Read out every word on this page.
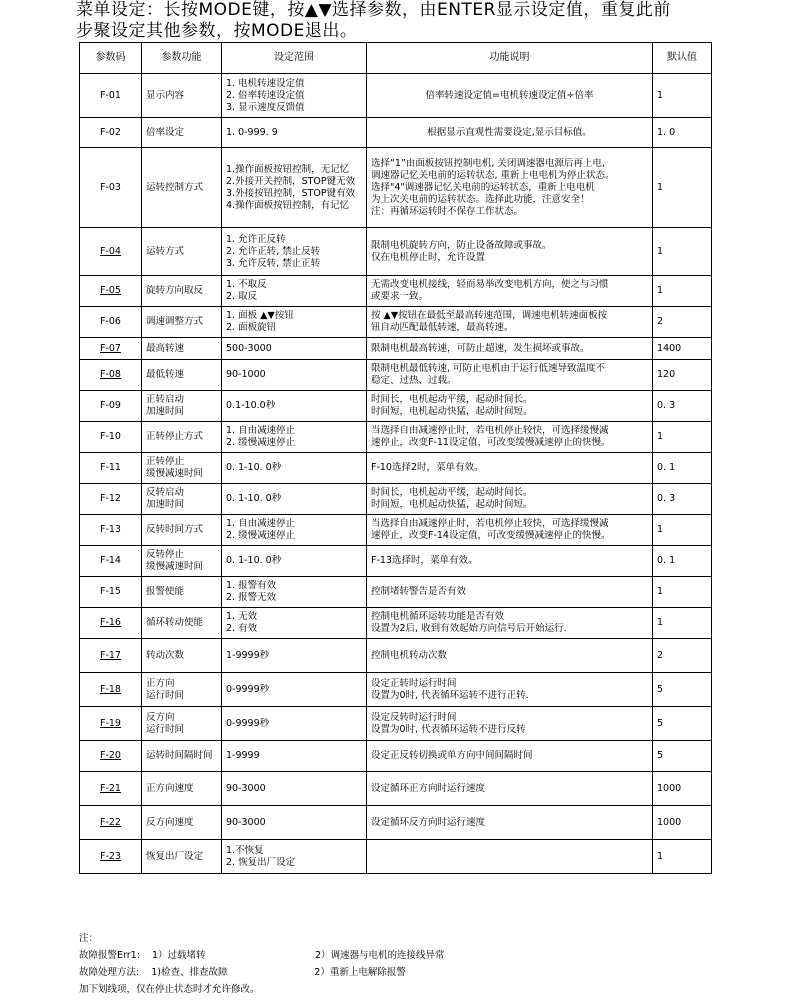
菜单设定：长按MODE键，按▲▼选择参数，由ENTER显示设定值，重复此前
步聚设定其他参数，按MODE退出。
参数码	参数功能	设定范围	功能说明	默认值
F-01	显示内容	1. 电机转速设定值
2. 倍率转速设定值
3. 显示速度反馈值	倍率转速设定值=电机转速设定值÷倍率	1
F-02	倍率设定	1. 0-999. 9	根据显示直观性需要设定,显示目标值。	1. 0
F-03	运转控制方式	1.操作面板按钮控制，无记忆
2.外接开关控制，STOP键无效
3.外接按钮控制，STOP键有效
4.操作面板按钮控制，有记忆	选择“1”由面板按钮控制电机, 关闭调速器电源后再上电,
调速器记忆关电前的运转状态, 重新上电电机为停止状态。
选择"4"调速器记忆关电前的运转状态，重新上电电机
为上次关电前的运转状态。选择此功能，注意安全！
注：再循环运转时不保存工作状态。	1
F-04	运转方式	1. 允许正反转
2. 允许正转, 禁止反转
3. 允许反转, 禁止正转	限制电机旋转方向，防止设备故障或事故。
仅在电机停止时，允许设置	1
F-05	旋转方向取反	1. 不取反
2. 取反	无需改变电机接线，轻而易举改变电机方向，使之与习惯
或要求一致。	1
F-06	调速调整方式	1. 面板 ▲▼按钮
2. 面板旋钮	按 ▲▼按钮在最低至最高转速范围，调速电机转速面板按
钮自动匹配最低转速，最高转速。	2
F-07	最高转速	500-3000	限制电机最高转速，可防止超速，发生损坏或事故。	1400
F-08	最低转速	90-1000	限制电机最低转速, 可防止电机由于运行低速导致温度不
稳定、过热、过载。	120
F-09	正转启动
加速时间	0.1-10.0秒	时间长，电机起动平缓，起动时间长。
时间短，电机起动快猛，起动时间短。	0. 3
F-10	正转停止方式	1. 自由减速停止
2. 缓慢减速停止	当选择自由减速停止时，若电机停止较快，可选择缓慢减
速停止，改变F-11设定值，可改变缓慢减速停止的快慢。	1
F-11	正转停止
缓慢减速时间	0. 1-10. 0秒	F-10选择2时，菜单有效。	0. 1
F-12	反转启动
加速时间	0. 1-10. 0秒	时间长，电机起动平缓，起动时间长。
时间短，电机起动快猛，起动时间短。	0. 3
F-13	反转时间方式	1. 自由减速停止
2. 缓慢减速停止	当选择自由减速停止时，若电机停止较快，可选择缓慢减
速停止，改变F-14设定值，可改变缓慢减速停止的快慢。	1
F-14	反转停止
缓慢减速时间	0. 1-10. 0秒	F-13选择时，菜单有效。	0. 1
F-15	报警使能	1. 报警有效
2. 报警无效	控制堵转警告是否有效	1
F-16	循环转动使能	1. 无效
2. 有效	控制电机循环运转功能是否有效
设置为2后, 收到有效起始方向信号后开始运行.	1
F-17	转动次数	1-9999秒	控制电机转动次数	2
F-18	正方向
运行时间	0-9999秒	设定正转时运行时间
设置为0时, 代表循环运转不进行正转.	5
F-19	反方向
运行时间	0-9999秒	设定反转时运行时间
设置为0时, 代表循环运转不进行反转	5
F-20	运转时间隔时间	1-9999	设定正反转切换或单方向中间间隔时间	5
F-21	正方向速度	90-3000	设定循环正方向时运行速度	1000
F-22	反方向速度	90-3000	设定循环反方向时运行速度	1000
F-23	恢复出厂设定	1.不恢复
2. 恢复出厂设定		1
注：
故障报警Err1: 1）过载堵转	2）调速器与电机的连接线异常
故障处理方法: 1)检查、排查故障	2）重新上电解除报警
加下划线项，仅在停止状态时才允许修改。
